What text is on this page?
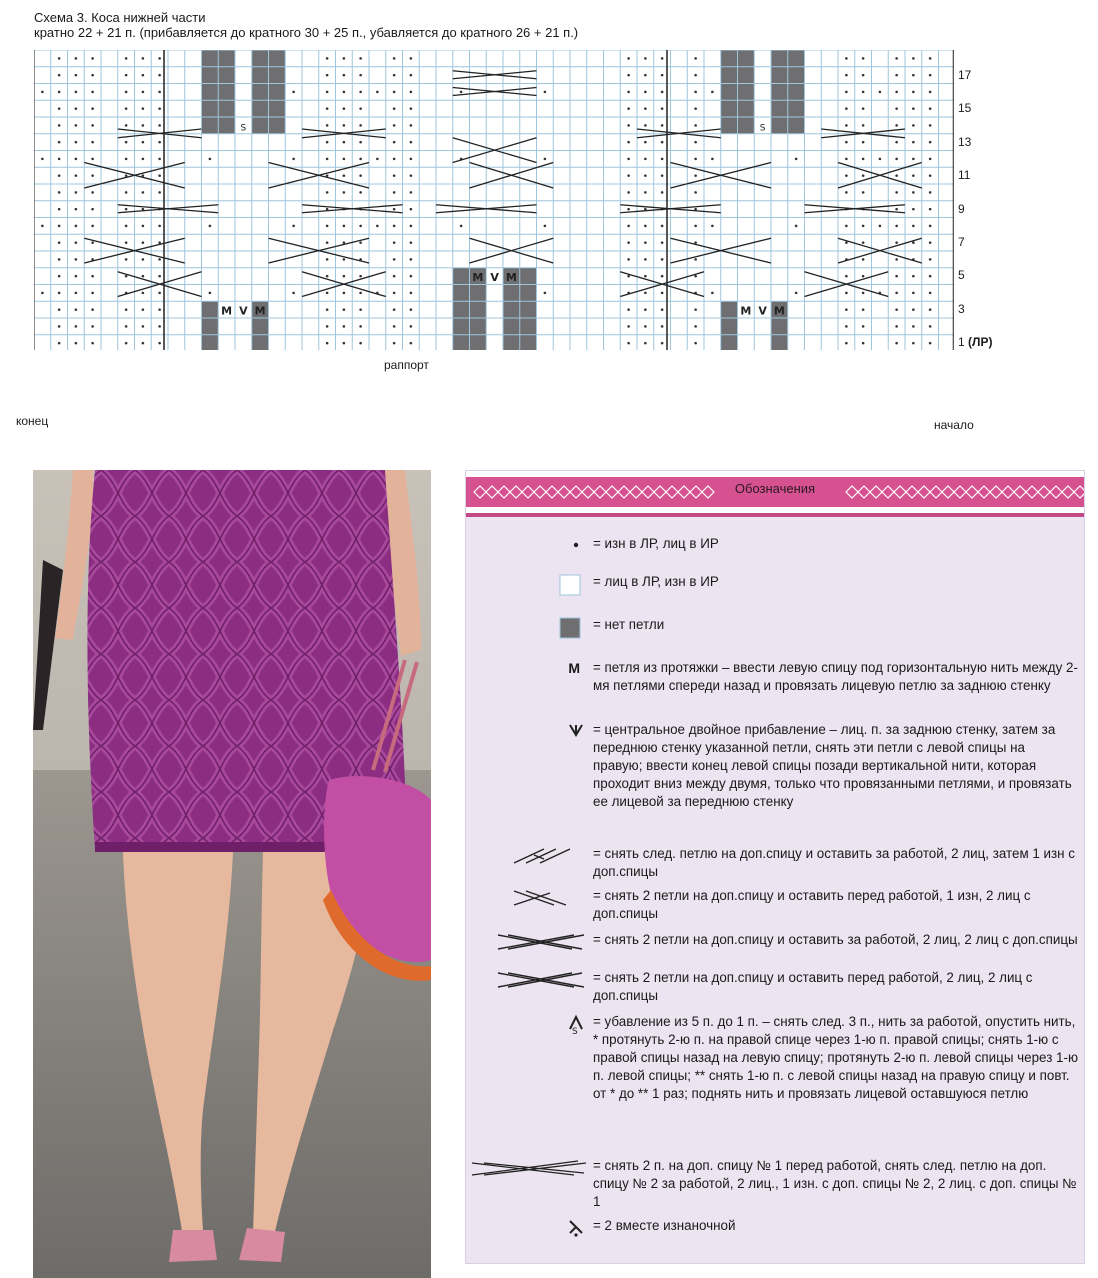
Схема 3. Коса нижней части
кратно 22 + 21 п. (прибавляется до кратного 30 + 25 п., убавляется до кратного 26 + 21 п.)
M V M	M V M
M V M
S	S
17
15
13
11
9
7
5
3
1 (ЛР)
раппорт
конец	начало
Обозначения
= изн в ЛР, лиц в ИР
= лиц в ЛР, изн в ИР
= нет петли
M = петля из протяжки – ввести левую спицу под горизонтальную нить между 2-мя петлями спереди назад и провязать лицевую петлю за заднюю стенку
= центральное двойное прибавление – лиц. п. за заднюю стенку, затем за переднюю стенку указанной петли, снять эти петли с левой спицы на правую; ввести конец левой спицы позади вертикальной нити, которая проходит вниз между двумя, только что провязанными петлями, и провязать ее лицевой за переднюю стенку
= снять след. петлю на доп.спицу и оставить за работой, 2 лиц, затем 1 изн с доп.спицы
= снять 2 петли на доп.спицу и оставить перед работой, 1 изн, 2 лиц с доп.спицы
= снять 2 петли на доп.спицу и оставить за работой, 2 лиц, 2 лиц с доп.спицы
= снять 2 петли на доп.спицу и оставить перед работой, 2 лиц, 2 лиц с доп.спицы
S
= убавление из 5 п. до 1 п. – снять след. 3 п., нить за работой, опустить нить, * протянуть 2-ю п. на правой спице через 1-ю п. правой спицы; снять 1-ю с правой спицы назад на левую спицу; протянуть 2-ю п. левой спицы через 1-ю п. левой спицы; ** снять 1-ю п. с левой спицы назад на правую спицу и повт. от * до ** 1 раз; поднять нить и провязать лицевой оставшуюся петлю
= снять 2 п. на доп. спицу № 1 перед работой, снять след. петлю на доп. спицу № 2 за работой, 2 лиц., 1 изн. с доп. спицы № 2, 2 лиц. с доп. спицы № 1
= 2 вместе изнаночной
